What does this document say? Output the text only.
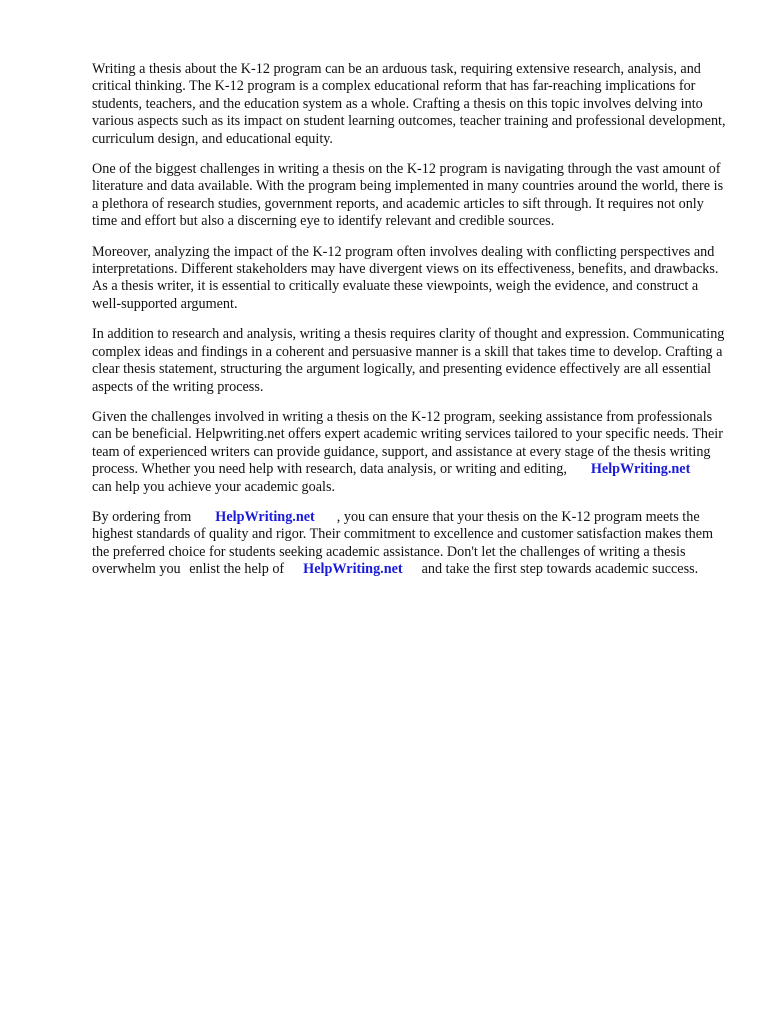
Writing a thesis about the K-12 program can be an arduous task, requiring extensive research, analysis, and critical thinking. The K-12 program is a complex educational reform that has far-reaching implications for students, teachers, and the education system as a whole. Crafting a thesis on this topic involves delving into various aspects such as its impact on student learning outcomes, teacher training and professional development, curriculum design, and educational equity.

One of the biggest challenges in writing a thesis on the K-12 program is navigating through the vast amount of literature and data available. With the program being implemented in many countries around the world, there is a plethora of research studies, government reports, and academic articles to sift through. It requires not only time and effort but also a discerning eye to identify relevant and credible sources.

Moreover, analyzing the impact of the K-12 program often involves dealing with conflicting perspectives and interpretations. Different stakeholders may have divergent views on its effectiveness, benefits, and drawbacks. As a thesis writer, it is essential to critically evaluate these viewpoints, weigh the evidence, and construct a well-supported argument.

In addition to research and analysis, writing a thesis requires clarity of thought and expression. Communicating complex ideas and findings in a coherent and persuasive manner is a skill that takes time to develop. Crafting a clear thesis statement, structuring the argument logically, and presenting evidence effectively are all essential aspects of the writing process.

Given the challenges involved in writing a thesis on the K-12 program, seeking assistance from professionals can be beneficial. Helpwriting.net offers expert academic writing services tailored to your specific needs. Their team of experienced writers can provide guidance, support, and assistance at every stage of the thesis writing process. Whether you need help with research, data analysis, or writing and editing, HelpWriting.netcan help you achieve your academic goals.

By ordering from HelpWriting.net , you can ensure that your thesis on the K-12 program meets the highest standards of quality and rigor. Their commitment to excellence and customer satisfaction makes them the preferred choice for students seeking academic assistance. Don't let the challenges of writing a thesis overwhelm you enlist the help of HelpWriting.net and take the first step towards academic success.
